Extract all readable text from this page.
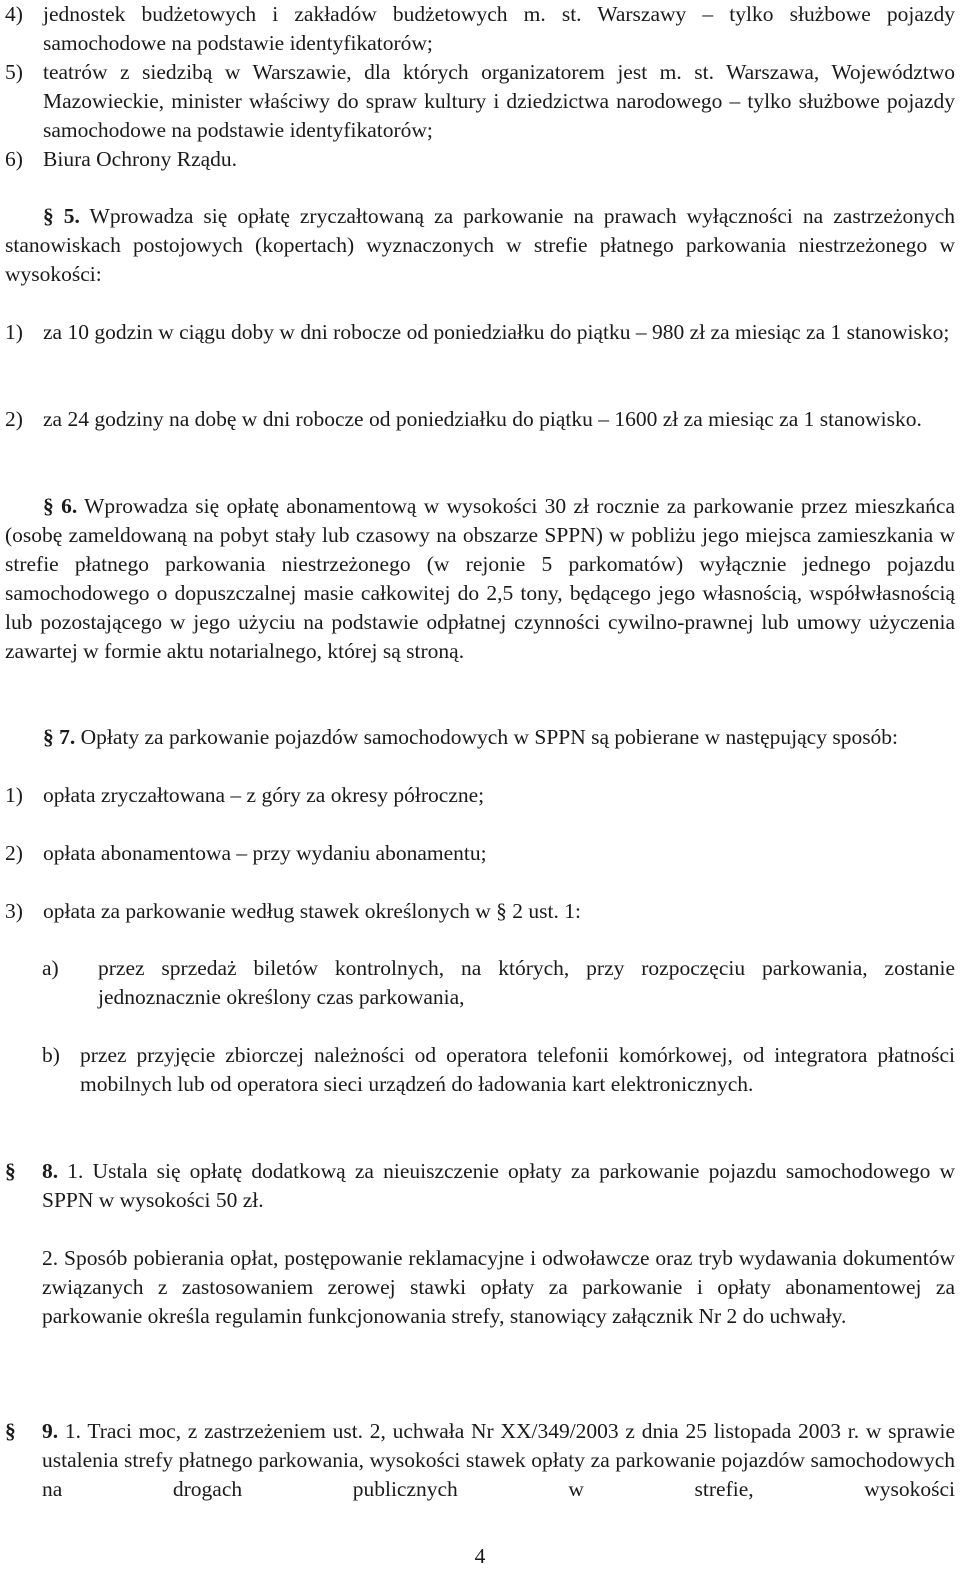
4) jednostek budżetowych i zakładów budżetowych m. st. Warszawy – tylko służbowe pojazdy samochodowe na podstawie identyfikatorów;
5) teatrów z siedzibą w Warszawie, dla których organizatorem jest m. st. Warszawa, Województwo Mazowieckie, minister właściwy do spraw kultury i dziedzictwa narodowego – tylko służbowe pojazdy samochodowe na podstawie identyfikatorów;
6) Biura Ochrony Rządu.
§ 5. Wprowadza się opłatę zryczałtowaną za parkowanie na prawach wyłączności na zastrzeżonych stanowiskach postojowych (kopertach) wyznaczonych w strefie płatnego parkowania niestrzeżonego w wysokości:
1) za 10 godzin w ciągu doby w dni robocze od poniedziałku do piątku – 980 zł za miesiąc za 1 stanowisko;
2) za 24 godziny na dobę w dni robocze od poniedziałku do piątku – 1600 zł za miesiąc za 1 stanowisko.
§ 6. Wprowadza się opłatę abonamentową w wysokości 30 zł rocznie za parkowanie przez mieszkańca (osobę zameldowaną na pobyt stały lub czasowy na obszarze SPPN) w pobliżu jego miejsca zamieszkania w strefie płatnego parkowania niestrzeżonego (w rejonie 5 parkomatów) wyłącznie jednego pojazdu samochodowego o dopuszczalnej masie całkowitej do 2,5 tony, będącego jego własnością, współwłasnością lub pozostającego w jego użyciu na podstawie odpłatnej czynności cywilno-prawnej lub umowy użyczenia zawartej w formie aktu notarialnego, której są stroną.
§ 7. Opłaty za parkowanie pojazdów samochodowych w SPPN są pobierane w następujący sposób:
1) opłata zryczałtowana – z góry za okresy półroczne;
2) opłata abonamentowa – przy wydaniu abonamentu;
3) opłata za parkowanie według stawek określonych w § 2 ust. 1:
a)	przez sprzedaż biletów kontrolnych, na których, przy rozpoczęciu parkowania, zostanie jednoznacznie określony czas parkowania,
b) przez przyjęcie zbiorczej należności od operatora telefonii komórkowej, od integratora płatności mobilnych lub od operatora sieci urządzeń do ładowania kart elektronicznych.
§ 8. 1. Ustala się opłatę dodatkową za nieuiszczenie opłaty za parkowanie pojazdu samochodowego w SPPN w wysokości 50 zł.
2. Sposób pobierania opłat, postępowanie reklamacyjne i odwoławcze oraz tryb wydawania dokumentów związanych z zastosowaniem zerowej stawki opłaty za parkowanie i opłaty abonamentowej za parkowanie określa regulamin funkcjonowania strefy, stanowiący załącznik Nr 2 do uchwały.
§ 9. 1. Traci moc, z zastrzeżeniem ust. 2, uchwała Nr XX/349/2003 z dnia 25 listopada 2003 r. w sprawie ustalenia strefy płatnego parkowania, wysokości stawek opłaty za parkowanie pojazdów samochodowych na drogach publicznych w strefie, wysokości
4
